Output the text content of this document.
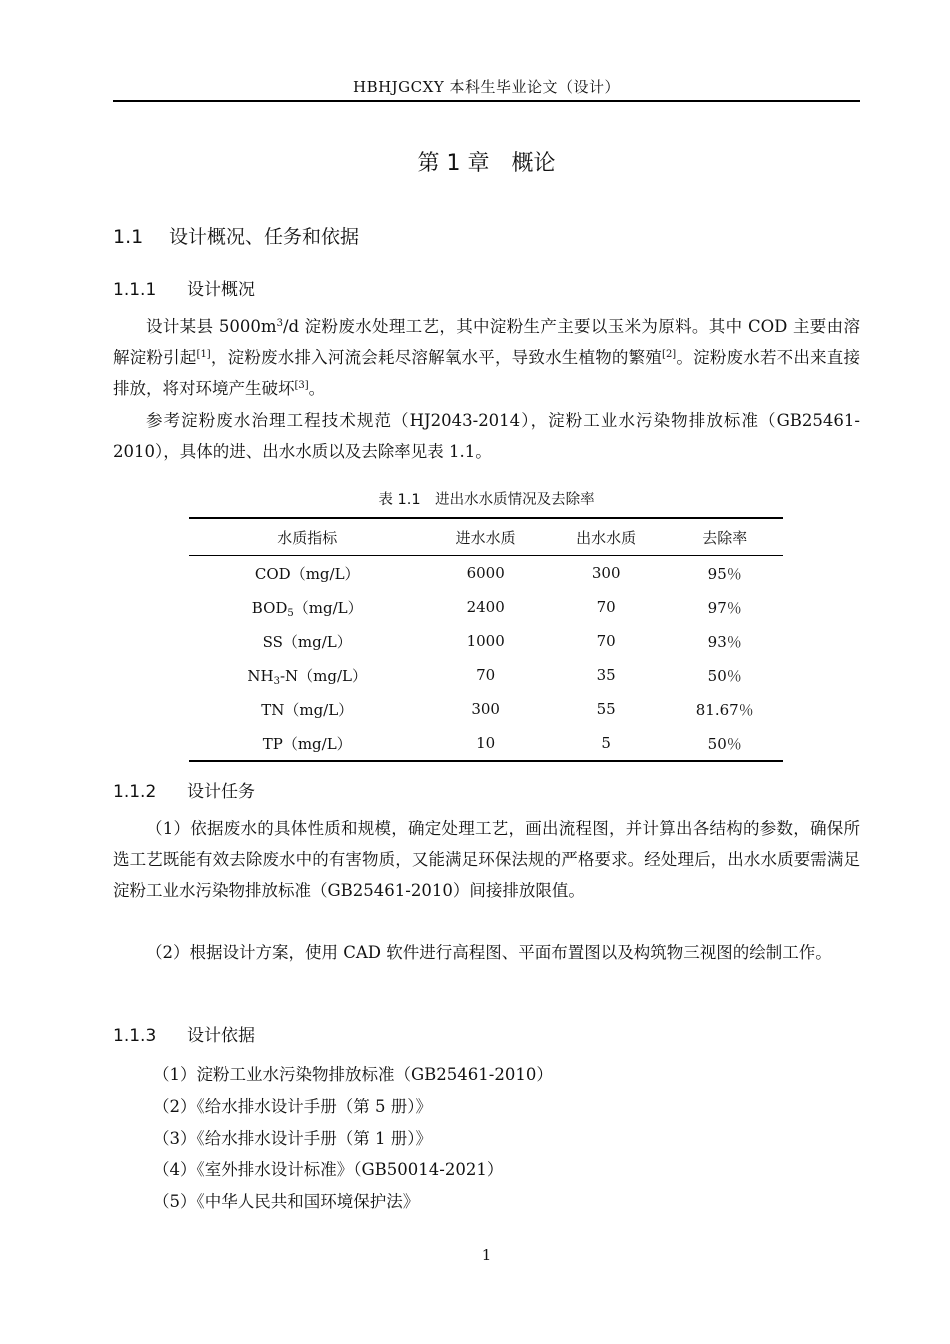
HBHJGCXY 本科生毕业论文（设计）
第 1 章　概论
1.1 设计概况、任务和依据
1.1.1 设计概况
设计某县 $5000m^3/d$ 淀粉废水处理工艺，其中淀粉生产主要以玉米为原料。其中 COD 主要由溶解淀粉引起[1]，淀粉废水排入河流会耗尽溶解氧水平，导致水生植物的繁殖[2]。淀粉废水若不出来直接排放，将对环境产生破坏[3]。
参考淀粉废水治理工程技术规范（HJ2043-2014），淀粉工业水污染物排放标准（GB25461-2010），具体的进、出水水质以及去除率见表 1.1。
表 1.1　进出水水质情况及去除率
水质指标	进水水质	出水水质	去除率
COD（mg/L）	6000	300	95％
$BOD_5(mg/L)$	2400	70	97％
SS（mg/L）	1000	70	93％
$NH_3-N(mg/L)$	70	35	50％
TN（mg/L）	300	55	81.67％
TP（mg/L）	10	5	50％
1.1.2 设计任务
（1）依据废水的具体性质和规模，确定处理工艺，画出流程图，并计算出各结构的参数，确保所选工艺既能有效去除废水中的有害物质，又能满足环保法规的严格要求。经处理后，出水水质要需满足淀粉工业水污染物排放标准（GB25461-2010）间接排放限值。
（2）根据设计方案，使用 CAD 软件进行高程图、平面布置图以及构筑物三视图的绘制工作。
1.1.3 设计依据
（1）淀粉工业水污染物排放标准（GB25461-2010）
（2）《给水排水设计手册（第 5 册）》
（3）《给水排水设计手册（第 1 册）》
（4）《室外排水设计标准》（GB50014-2021）
（5）《中华人民共和国环境保护法》
1
